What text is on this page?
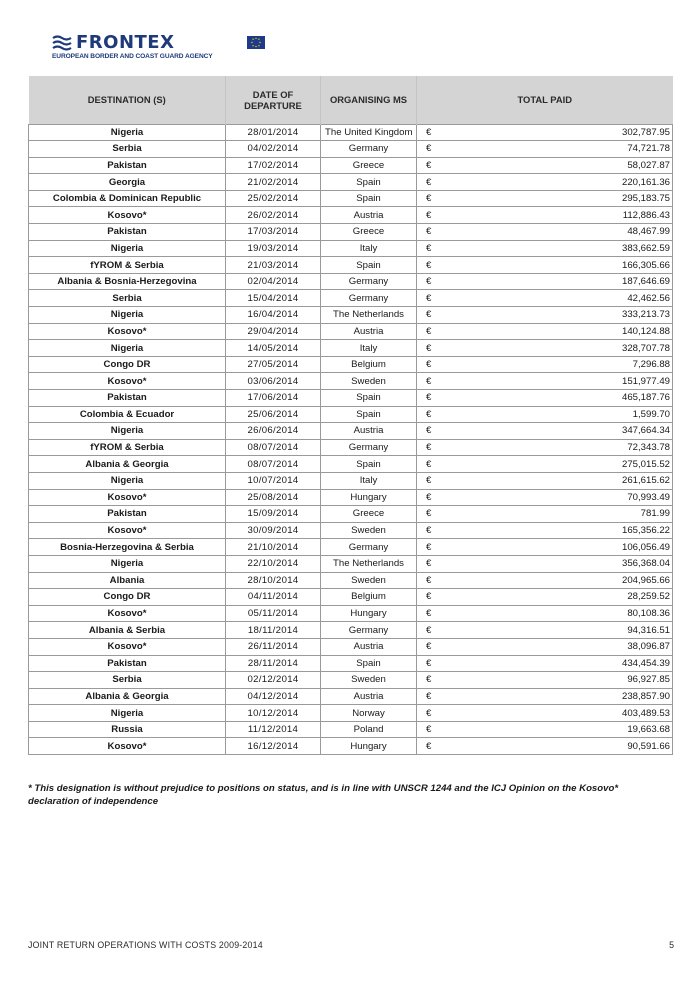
FRONTEX
EUROPEAN BORDER AND COAST GUARD AGENCY
DESTINATION (S)	DATE OF DEPARTURE	ORGANISING MS	TOTAL PAID	
Nigeria	28/01/2014	The United Kingdom	€	302,787.95
Serbia	04/02/2014	Germany	€	74,721.78
Pakistan	17/02/2014	Greece	€	58,027.87
Georgia	21/02/2014	Spain	€	220,161.36
Colombia & Dominican Republic	25/02/2014	Spain	€	295,183.75
Kosovo*	26/02/2014	Austria	€	112,886.43
Pakistan	17/03/2014	Greece	€	48,467.99
Nigeria	19/03/2014	Italy	€	383,662.59
fYROM & Serbia	21/03/2014	Spain	€	166,305.66
Albania & Bosnia-Herzegovina	02/04/2014	Germany	€	187,646.69
Serbia	15/04/2014	Germany	€	42,462.56
Nigeria	16/04/2014	The Netherlands	€	333,213.73
Kosovo*	29/04/2014	Austria	€	140,124.88
Nigeria	14/05/2014	Italy	€	328,707.78
Congo DR	27/05/2014	Belgium	€	7,296.88
Kosovo*	03/06/2014	Sweden	€	151,977.49
Pakistan	17/06/2014	Spain	€	465,187.76
Colombia & Ecuador	25/06/2014	Spain	€	1,599.70
Nigeria	26/06/2014	Austria	€	347,664.34
fYROM & Serbia	08/07/2014	Germany	€	72,343.78
Albania & Georgia	08/07/2014	Spain	€	275,015.52
Nigeria	10/07/2014	Italy	€	261,615.62
Kosovo*	25/08/2014	Hungary	€	70,993.49
Pakistan	15/09/2014	Greece	€	781.99
Kosovo*	30/09/2014	Sweden	€	165,356.22
Bosnia-Herzegovina & Serbia	21/10/2014	Germany	€	106,056.49
Nigeria	22/10/2014	The Netherlands	€	356,368.04
Albania	28/10/2014	Sweden	€	204,965.66
Congo DR	04/11/2014	Belgium	€	28,259.52
Kosovo*	05/11/2014	Hungary	€	80,108.36
Albania & Serbia	18/11/2014	Germany	€	94,316.51
Kosovo*	26/11/2014	Austria	€	38,096.87
Pakistan	28/11/2014	Spain	€	434,454.39
Serbia	02/12/2014	Sweden	€	96,927.85
Albania & Georgia	04/12/2014	Austria	€	238,857.90
Nigeria	10/12/2014	Norway	€	403,489.53
Russia	11/12/2014	Poland	€	19,663.68
Kosovo*	16/12/2014	Hungary	€	90,591.66

* This designation is without prejudice to positions on status, and is in line with UNSCR 1244 and the ICJ Opinion on the Kosovo* declaration of independence

JOINT RETURN OPERATIONS WITH COSTS 2009-2014	5
